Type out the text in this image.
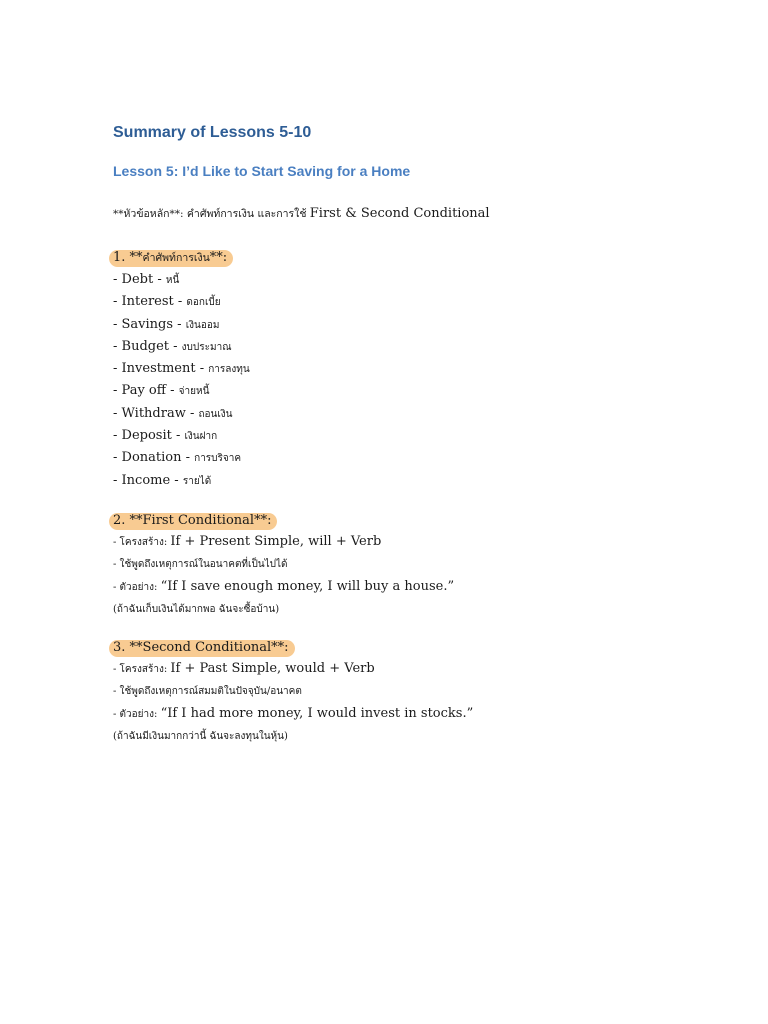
Summary of Lessons 5-10
Lesson 5: I’d Like to Start Saving for a Home
**หัวข้อหลัก**: คำศัพท์การเงิน และการใช้ First & Second Conditional
1. **คำศัพท์การเงิน**:
- Debt - หนี้
- Interest - ดอกเบี้ย
- Savings - เงินออม
- Budget - งบประมาณ
- Investment - การลงทุน
- Pay off - จ่ายหนี้
- Withdraw - ถอนเงิน
- Deposit - เงินฝาก
- Donation - การบริจาค
- Income - รายได้
2. **First Conditional**:
- โครงสร้าง: If + Present Simple, will + Verb
- ใช้พูดถึงเหตุการณ์ในอนาคตที่เป็นไปได้
- ตัวอย่าง: “If I save enough money, I will buy a house.”
(ถ้าฉันเก็บเงินได้มากพอ ฉันจะซื้อบ้าน)
3. **Second Conditional**:
- โครงสร้าง: If + Past Simple, would + Verb
- ใช้พูดถึงเหตุการณ์สมมติในปัจจุบัน/อนาคต
- ตัวอย่าง: “If I had more money, I would invest in stocks.”
(ถ้าฉันมีเงินมากกว่านี้ ฉันจะลงทุนในหุ้น)
